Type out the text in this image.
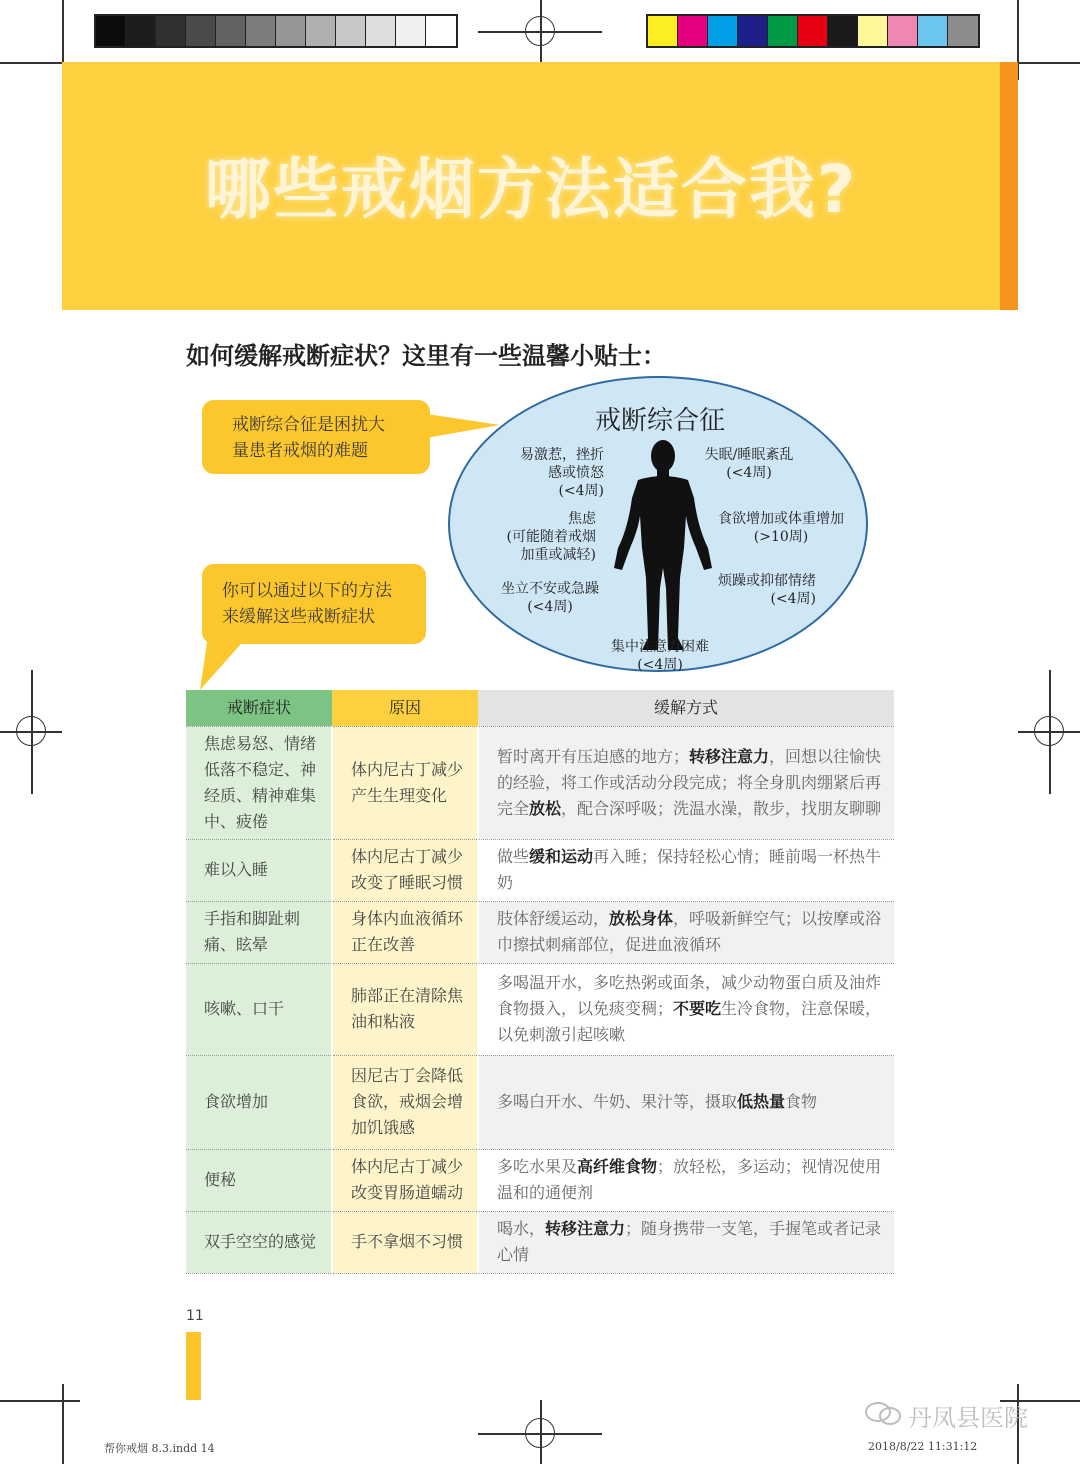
哪些戒烟方法适合我?
如何缓解戒断症状？这里有一些温馨小贴士：
戒断综合征是困扰大
量患者戒烟的难题
你可以通过以下的方法
来缓解这些戒断症状
戒断综合征
易激惹，挫折
感或愤怒
(<4周)
失眠/睡眠紊乱
(<4周)
焦虑
(可能随着戒烟
加重或减轻)
食欲增加或体重增加
(>10周)
坐立不安或急躁
(<4周)
烦躁或抑郁情绪
(<4周)
集中注意力困难
(<4周)
戒断症状	原因	缓解方式
焦虑易怒、情绪低落不稳定、神经质、精神难集中、疲倦	体内尼古丁减少产生生理变化	暂时离开有压迫感的地方；转移注意力，回想以往愉快的经验，将工作或活动分段完成；将全身肌肉绷紧后再完全放松，配合深呼吸；洗温水澡，散步，找朋友聊聊
难以入睡	体内尼古丁减少改变了睡眠习惯	做些缓和运动再入睡；保持轻松心情；睡前喝一杯热牛奶
手指和脚趾刺痛、眩晕	身体内血液循环正在改善	肢体舒缓运动，放松身体，呼吸新鲜空气；以按摩或浴巾擦拭刺痛部位，促进血液循环
咳嗽、口干	肺部正在清除焦油和粘液	多喝温开水，多吃热粥或面条，减少动物蛋白质及油炸食物摄入，以免痰变稠；不要吃生冷食物，注意保暖，以免刺激引起咳嗽
食欲增加	因尼古丁会降低食欲，戒烟会增加饥饿感	多喝白开水、牛奶、果汁等，摄取低热量食物
便秘	体内尼古丁减少改变胃肠道蠕动	多吃水果及高纤维食物；放轻松，多运动；视情况使用温和的通便剂
双手空空的感觉	手不拿烟不习惯	喝水，转移注意力；随身携带一支笔，手握笔或者记录心情
11
帮你戒烟 8.3.indd 14	2018/8/22 11:31:12
丹凤县医院
